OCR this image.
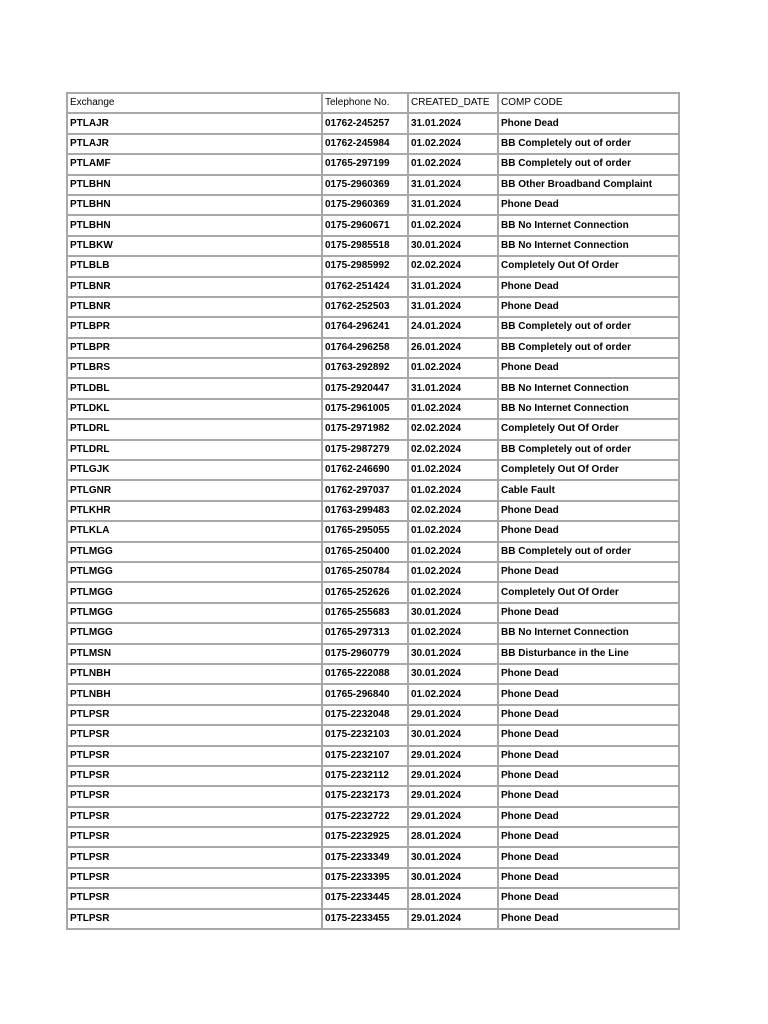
Exchange	Telephone No.	CREATED_DATE	COMP CODE
PTLAJR	01762-245257	31.01.2024	Phone Dead
PTLAJR	01762-245984	01.02.2024	BB Completely out of order
PTLAMF	01765-297199	01.02.2024	BB Completely out of order
PTLBHN	0175-2960369	31.01.2024	BB Other Broadband Complaint
PTLBHN	0175-2960369	31.01.2024	Phone Dead
PTLBHN	0175-2960671	01.02.2024	BB No Internet Connection
PTLBKW	0175-2985518	30.01.2024	BB No Internet Connection
PTLBLB	0175-2985992	02.02.2024	Completely Out Of Order
PTLBNR	01762-251424	31.01.2024	Phone Dead
PTLBNR	01762-252503	31.01.2024	Phone Dead
PTLBPR	01764-296241	24.01.2024	BB Completely out of order
PTLBPR	01764-296258	26.01.2024	BB Completely out of order
PTLBRS	01763-292892	01.02.2024	Phone Dead
PTLDBL	0175-2920447	31.01.2024	BB No Internet Connection
PTLDKL	0175-2961005	01.02.2024	BB No Internet Connection
PTLDRL	0175-2971982	02.02.2024	Completely Out Of Order
PTLDRL	0175-2987279	02.02.2024	BB Completely out of order
PTLGJK	01762-246690	01.02.2024	Completely Out Of Order
PTLGNR	01762-297037	01.02.2024	Cable Fault
PTLKHR	01763-299483	02.02.2024	Phone Dead
PTLKLA	01765-295055	01.02.2024	Phone Dead
PTLMGG	01765-250400	01.02.2024	BB Completely out of order
PTLMGG	01765-250784	01.02.2024	Phone Dead
PTLMGG	01765-252626	01.02.2024	Completely Out Of Order
PTLMGG	01765-255683	30.01.2024	Phone Dead
PTLMGG	01765-297313	01.02.2024	BB No Internet Connection
PTLMSN	0175-2960779	30.01.2024	BB Disturbance in the Line
PTLNBH	01765-222088	30.01.2024	Phone Dead
PTLNBH	01765-296840	01.02.2024	Phone Dead
PTLPSR	0175-2232048	29.01.2024	Phone Dead
PTLPSR	0175-2232103	30.01.2024	Phone Dead
PTLPSR	0175-2232107	29.01.2024	Phone Dead
PTLPSR	0175-2232112	29.01.2024	Phone Dead
PTLPSR	0175-2232173	29.01.2024	Phone Dead
PTLPSR	0175-2232722	29.01.2024	Phone Dead
PTLPSR	0175-2232925	28.01.2024	Phone Dead
PTLPSR	0175-2233349	30.01.2024	Phone Dead
PTLPSR	0175-2233395	30.01.2024	Phone Dead
PTLPSR	0175-2233445	28.01.2024	Phone Dead
PTLPSR	0175-2233455	29.01.2024	Phone Dead
